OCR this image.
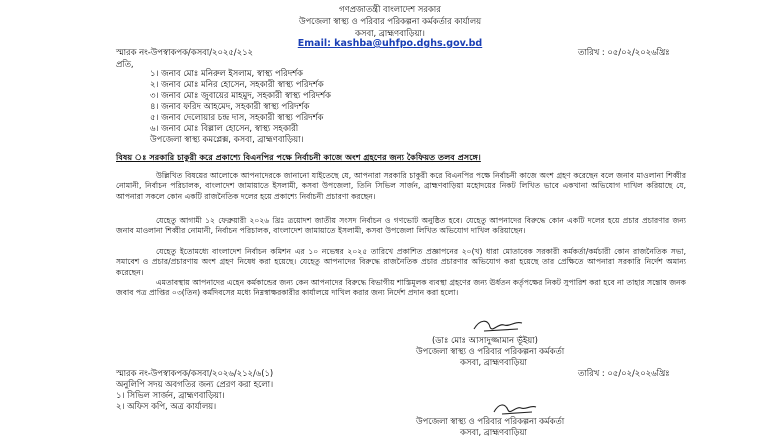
গণপ্রজাতন্ত্রী বাংলাদেশ সরকার
উপজেলা স্বাস্থ্য ও পরিবার পরিকল্পনা কর্মকর্তার কার্যালয়
কসবা, ব্রাহ্মণবাড়িয়া।
Email: kashba@uhfpo.dghs.gov.bd
স্মারক নং-উপস্বাকপক/কসবা/২০২৫/২১২	তারিখ : ০৫/০২/২০২৬খ্রিঃ
প্রতি,
১। জনাব মোঃ মনিরুল ইসলাম, স্বাস্থ্য পরিদর্শক
২। জনাব মোঃ মনির হোসেন, সহকারী স্বাস্থ্য পরিদর্শক
৩। জনাব মোঃ জুবায়ের মাহমুদ, সহকারী স্বাস্থ্য পরিদর্শক
৪। জনাব ফরিদ আহমেদ, সহকারী স্বাস্থ্য পরিদর্শক
৫। জনাব দেলোয়ার চন্দ্র দাস, সহকারী স্বাস্থ্য পরিদর্শক
৬। জনাব মোঃ বিল্লাল হোসেন, স্বাস্থ্য সহকারী
উপজেলা স্বাস্থ্য কমপ্লেক্স, কসবা, ব্রাহ্মণবাড়িয়া।
বিষয় ঃ সরকারি চাকুরী করে প্রকাশ্যে বিএনপির পক্ষে নির্বাচনী কাজে অংশ গ্রহণের জন্য কৈফিয়ত তলব প্রসঙ্গে।
উল্লিখিত বিষয়ের আলোকে আপনাদেরকে জানানো যাইতেছে যে, আপনারা সরকারি চাকুরী করে বিএনপির পক্ষে নির্বাচনী কাজে অংশ গ্রহণ করেছেন বলে জনাব মাওলানা শিব্বীর নোমানী, নির্বাচন পরিচালক, বাংলাদেশ জামায়াতে ইসলামী, কসবা উপজেলা, তিনি সিভিল সার্জন, ব্রাহ্মণবাড়িয়া মহোদয়ের নিকট লিখিত ভাবে একখানা অভিযোগ দাখিল করিয়াছে যে, আপনারা সকলে কোন একটি রাজনৈতিক দলের হয়ে প্রকাশ্যে নির্বাচনী প্রচারণা করছেন।
যেহেতু আগামী ১২ ফেব্রুয়ারী ২০২৬ খ্রিঃ ত্রয়োদশ জাতীয় সংসদ নির্বাচন ও গণভোট অনুষ্ঠিত হবে। যেহেতু আপনাদের বিরুদ্ধে কোন একটি দলের হয়ে প্রচার প্রচারণার জন্য জনাব মাওলানা শিব্বীর নোমানী, নির্বাচন পরিচালক, বাংলাদেশ জামায়াতে ইসলামী, কসবা উপজেলা লিখিত অভিযোগ দাখিল করিয়াছেন।
যেহেতু ইতোমধ্যে বাংলাদেশ নির্বাচন কমিশন এর ১০ নভেম্বর ২০২৫ তারিখে প্রকাশিত প্রজ্ঞাপনের ২০(খ) ধারা মোতাবেক সরকারী কর্মকর্তা/কর্মচারী কোন রাজনৈতিক সভা, সমাবেশ ও প্রচার/প্রচারণায় অংশ গ্রহণ নিষেধ করা হয়েছে। যেহেতু আপনাদের বিরুদ্ধে রাজনৈতিক প্রচার প্রচারণার অভিযোগ করা হয়েছে তার প্রেক্ষিতে আপনারা সরকারি নির্দেশ অমান্য করেছেন।
এমতাবস্থায় আপনাদের এহেন কর্মকান্ডের জন্য কেন আপনাদের বিরুদ্ধে বিভাগীয় শাস্তিমূলক ব্যবস্থা গ্রহণের জন্য ঊর্ধতন কর্তৃপক্ষের নিকট সুপারিশ করা হবে না তাহার সন্তোষ জনক জবাব পত্র প্রাপ্তির ০৩(তিন) কর্মদিবসের মধ্যে নিম্নস্বাক্ষরকারীর কার্যালয়ে দাখিল করার জন্য নির্দেশ প্রদান করা হলো।
(ডাঃ মোঃ আসাদুজ্জামান ভূঁইয়া)
উপজেলা স্বাস্থ্য ও পরিবার পরিকল্পনা কর্মকর্তা
কসবা, ব্রাহ্মণবাড়িয়া
স্মারক নং-উপস্বাকপক/কসবা/২০২৬/২১২/৬(১)	তারিখ : ০৫/০২/২০২৬খ্রিঃ
অনুলিপি সদয় অবগতির জন্য প্রেরণ করা হলো।
১। সিভিল সার্জন, ব্রাহ্মণবাড়িয়া।
২। অফিস কপি, অত্র কার্যালয়।
উপজেলা স্বাস্থ্য ও পরিবার পরিকল্পনা কর্মকর্তা
কসবা, ব্রাহ্মণবাড়িয়া
